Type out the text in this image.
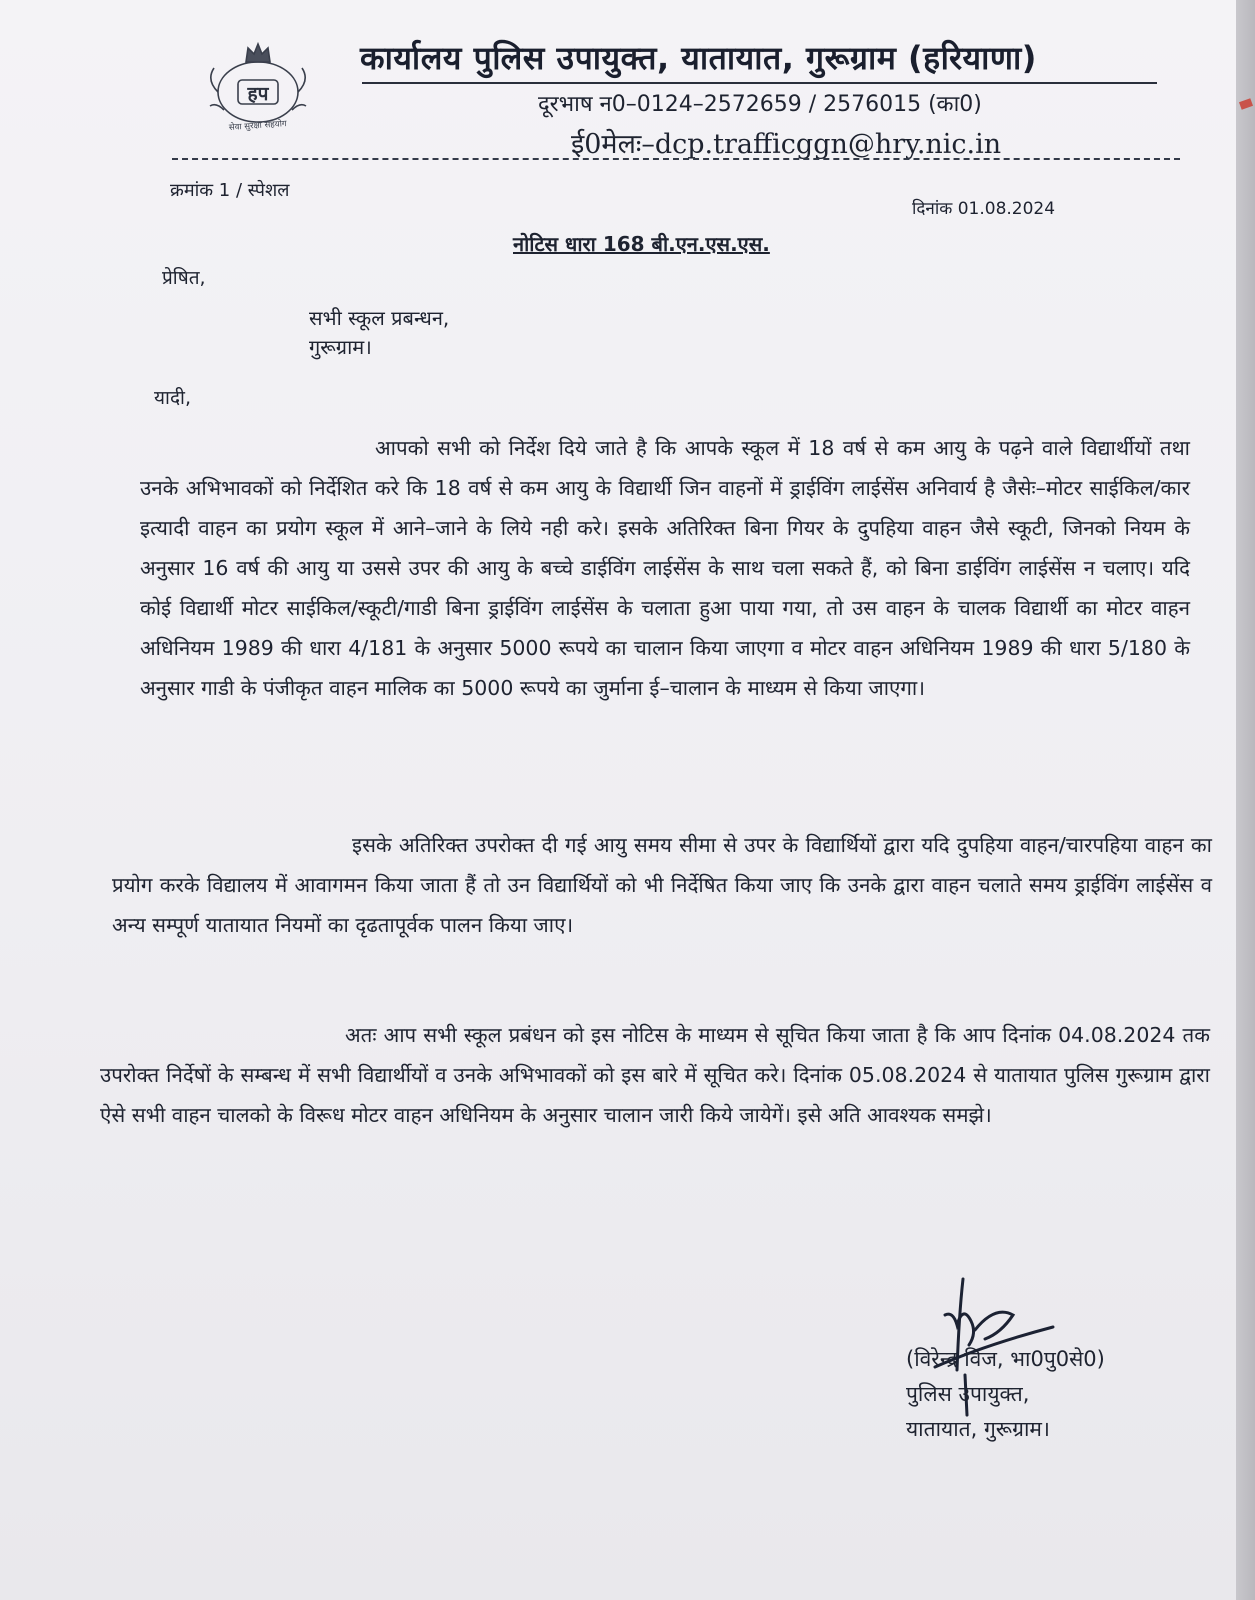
हप
सेवा सुरक्षा सहयोग
कार्यालय पुलिस उपायुक्त, यातायात, गुरूग्राम (हरियाणा)
दूरभाष न0–0124–2572659 / 2576015 (का0)
ई0मेलः–dcp.trafficggn@hry.nic.in
क्रमांक 1 / स्पेशल
दिनांक 01.08.2024
नोटिस धारा 168 बी.एन.एस.एस.
प्रेषित,
सभी स्कूल प्रबन्धन,
गुरूग्राम।
यादी,
आपको सभी को निर्देश दिये जाते है कि आपके स्कूल में 18 वर्ष से कम आयु के पढ़ने वाले विद्यार्थीयों तथा उनके अभिभावकों को निर्देशित करे कि 18 वर्ष से कम आयु के विद्यार्थी जिन वाहनों में ड्राईविंग लाईसेंस अनिवार्य है जैसेः–मोटर साईकिल/कार इत्यादी वाहन का प्रयोग स्कूल में आने–जाने के लिये नही करे। इसके अतिरिक्त बिना गियर के दुपहिया वाहन जैसे स्कूटी, जिनको नियम के अनुसार 16 वर्ष की आयु या उससे उपर की आयु के बच्चे डाईविंग लाईसेंस के साथ चला सकते हैं, को बिना डाईविंग लाईसेंस न चलाए। यदि कोई विद्यार्थी मोटर साईकिल/स्कूटी/गाडी बिना ड्राईविंग लाईसेंस के चलाता हुआ पाया गया, तो उस वाहन के चालक विद्यार्थी का मोटर वाहन अधिनियम 1989 की धारा 4/181 के अनुसार 5000 रूपये का चालान किया जाएगा व मोटर वाहन अधिनियम 1989 की धारा 5/180 के अनुसार गाडी के पंजीकृत वाहन मालिक का 5000 रूपये का जुर्माना ई–चालान के माध्यम से किया जाएगा।
इसके अतिरिक्त उपरोक्त दी गई आयु समय सीमा से उपर के विद्यार्थियों द्वारा यदि दुपहिया वाहन/चारपहिया वाहन का प्रयोग करके विद्यालय में आवागमन किया जाता हैं तो उन विद्यार्थियों को भी निर्देषित किया जाए कि उनके द्वारा वाहन चलाते समय ड्राईविंग लाईसेंस व अन्य सम्पूर्ण यातायात नियमों का दृढतापूर्वक पालन किया जाए।
अतः आप सभी स्कूल प्रबंधन को इस नोटिस के माध्यम से सूचित किया जाता है कि आप दिनांक 04.08.2024 तक उपरोक्त निर्देषों के सम्बन्ध में सभी विद्यार्थीयों व उनके अभिभावकों को इस बारे में सूचित करे। दिनांक 05.08.2024 से यातायात पुलिस गुरूग्राम द्वारा ऐसे सभी वाहन चालको के विरूध मोटर वाहन अधिनियम के अनुसार चालान जारी किये जायेगें। इसे अति आवश्यक समझे।
(विरेन्द्र विज, भा0पु0से0)
पुलिस उपायुक्त,
यातायात, गुरूग्राम।
